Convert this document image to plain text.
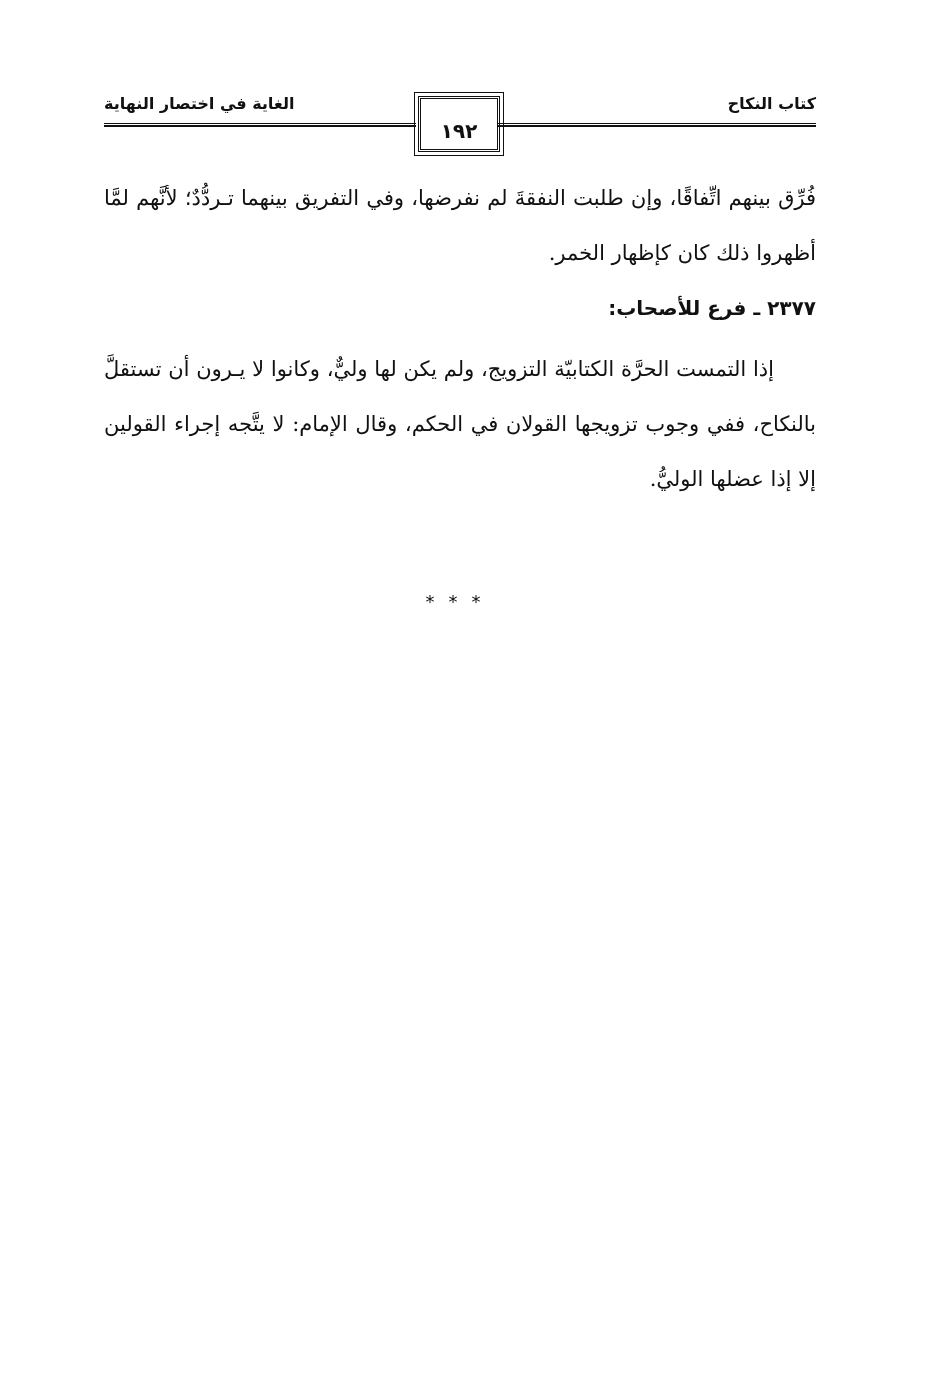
كتاب النكاح
الغاية في اختصار النهاية
١٩٢

فُرِّق بينهم اتِّفاقًا، وإن طلبت النفقةَ لم نفرضها، وفي التفريق بينهما تـردُّدٌ؛ لأنَّهم لمَّا أظهروا ذلك كان كإظهار الخمر.

٢٣٧٧ ـ فرع للأصحاب:

إذا التمست الحرَّة الكتابيّة التزويج، ولم يكن لها وليٌّ، وكانوا لا يـرون أن تستقلَّ بالنكاح، ففي وجوب تزويجها القولان في الحكم، وقال الإمام: لا يتَّجه إجراء القولين إلا إذا عضلها الوليُّ.

***
